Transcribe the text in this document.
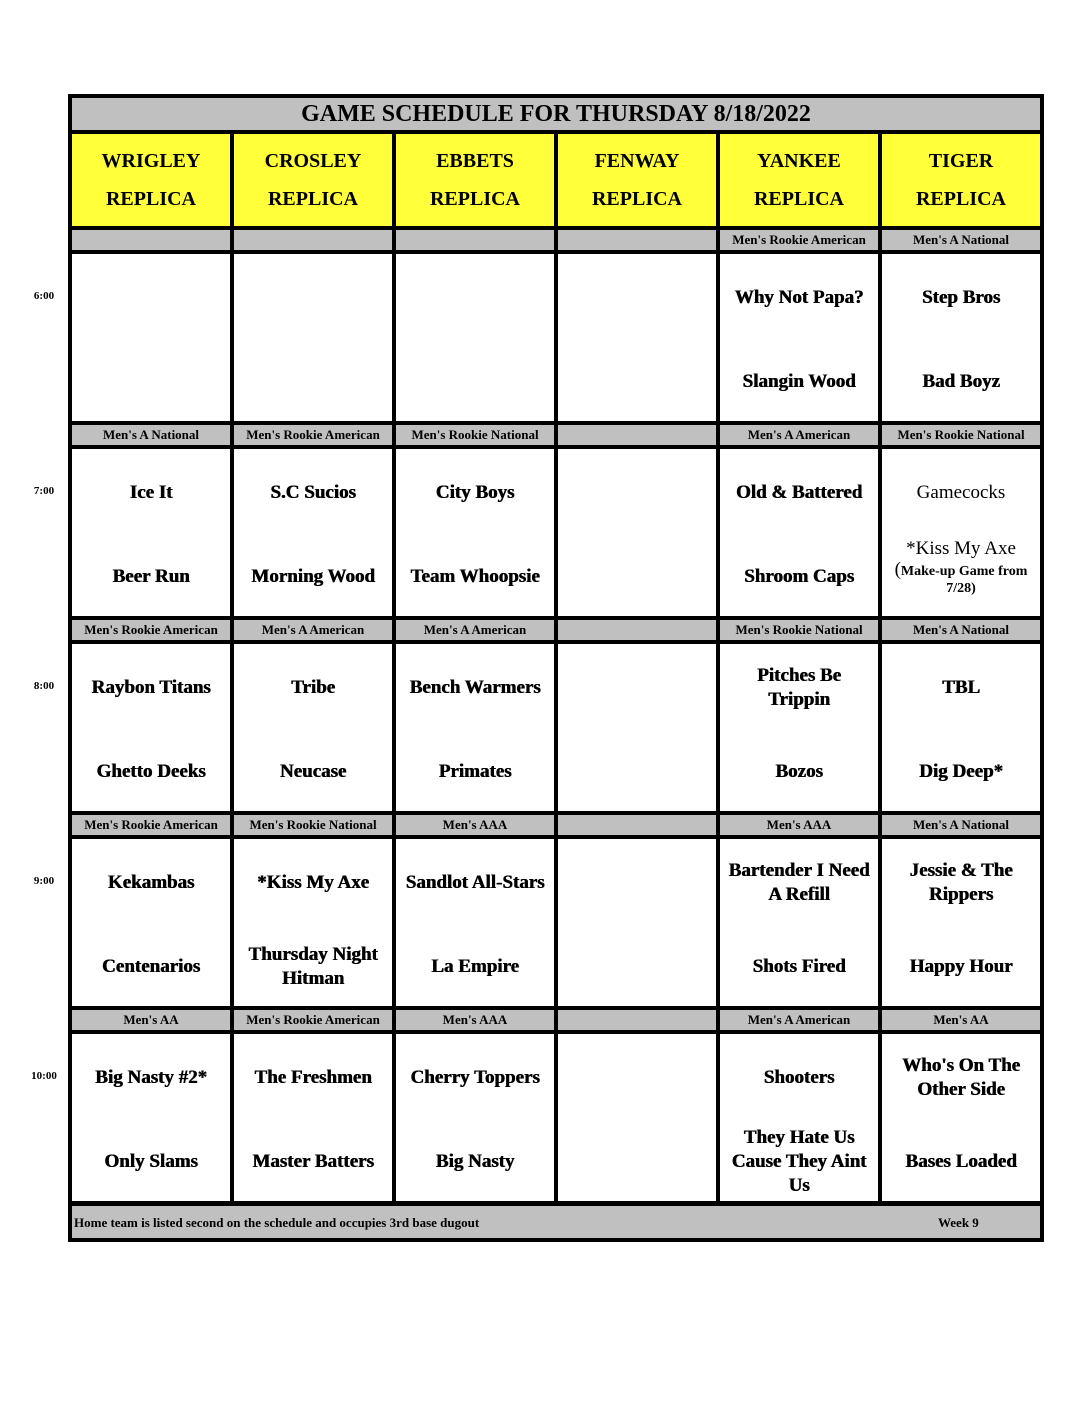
GAME SCHEDULE FOR THURSDAY 8/18/2022
WRIGLEY
REPLICA
CROSLEY
REPLICA
EBBETS
REPLICA
FENWAY
REPLICA
YANKEE
REPLICA
TIGER
REPLICA
Men's Rookie American
Why Not Papa?
Slangin Wood
Men's A National
Step Bros
Bad Boyz
Men's A National
Ice It
Beer Run
Men's Rookie American
S.C Sucios
Morning Wood
Men's Rookie National
City Boys
Team Whoopsie
Men's A American
Old & Battered
Shroom Caps
Men's Rookie National
Gamecocks
*Kiss My Axe
(Make-up Game from 7/28)
Men's Rookie American
Raybon Titans
Ghetto Deeks
Men's A American
Tribe
Neucase
Men's A American
Bench Warmers
Primates
Men's Rookie National
Pitches Be Trippin
Bozos
Men's A National
TBL
Dig Deep*
Men's Rookie American
Kekambas
Centenarios
Men's Rookie National
*Kiss My Axe
Thursday Night Hitman
Men's AAA
Sandlot All-Stars
La Empire
Men's AAA
Bartender I Need A Refill
Shots Fired
Men's A National
Jessie & The Rippers
Happy Hour
Men's AA
Big Nasty #2*
Only Slams
Men's Rookie American
The Freshmen
Master Batters
Men's AAA
Cherry Toppers
Big Nasty
Men's A American
Shooters
They Hate Us Cause They Aint Us
Men's AA
Who's On The Other Side
Bases Loaded
6:00
7:00
8:00
9:00
10:00
Home team is listed second on the schedule and occupies 3rd base dugout	Week 9
